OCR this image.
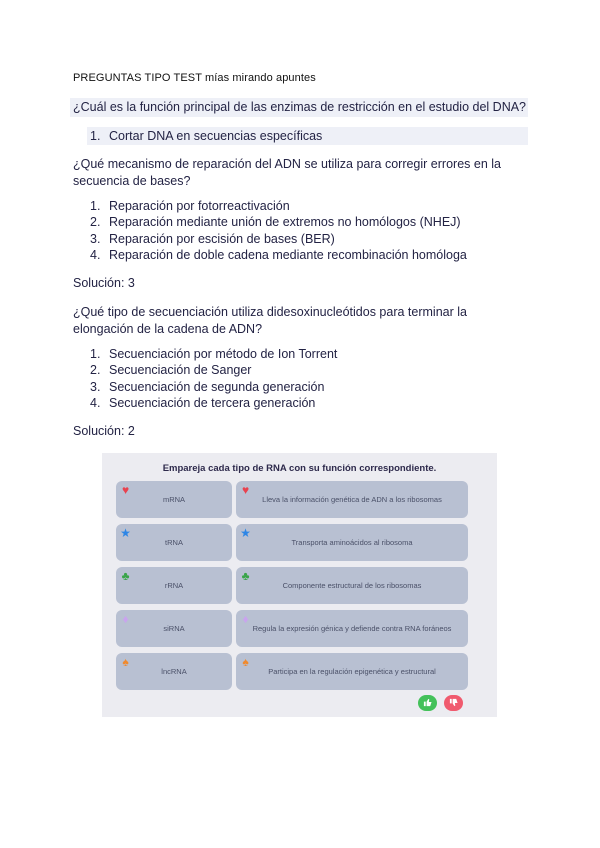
PREGUNTAS TIPO TEST mías mirando apuntes
¿Cuál es la función principal de las enzimas de restricción en el estudio del DNA?
1. Cortar DNA en secuencias específicas
¿Qué mecanismo de reparación del ADN se utiliza para corregir errores en la secuencia de bases?
1. Reparación por fotorreactivación
2. Reparación mediante unión de extremos no homólogos (NHEJ)
3. Reparación por escisión de bases (BER)
4. Reparación de doble cadena mediante recombinación homóloga
Solución: 3
¿Qué tipo de secuenciación utiliza didesoxinucleótidos para terminar la elongación de la cadena de ADN?
1. Secuenciación por método de Ion Torrent
2. Secuenciación de Sanger
3. Secuenciación de segunda generación
4. Secuenciación de tercera generación
Solución: 2
Empareja cada tipo de RNA con su función correspondiente.
♥
mRNA
♥
Lleva la información genética de ADN a los ribosomas
★
tRNA
★
Transporta aminoácidos al ribosoma
♣
rRNA
♣
Componente estructural de los ribosomas
♦
siRNA
♦
Regula la expresión génica y defiende contra RNA foráneos
♠
lncRNA
♠
Participa en la regulación epigenética y estructural
